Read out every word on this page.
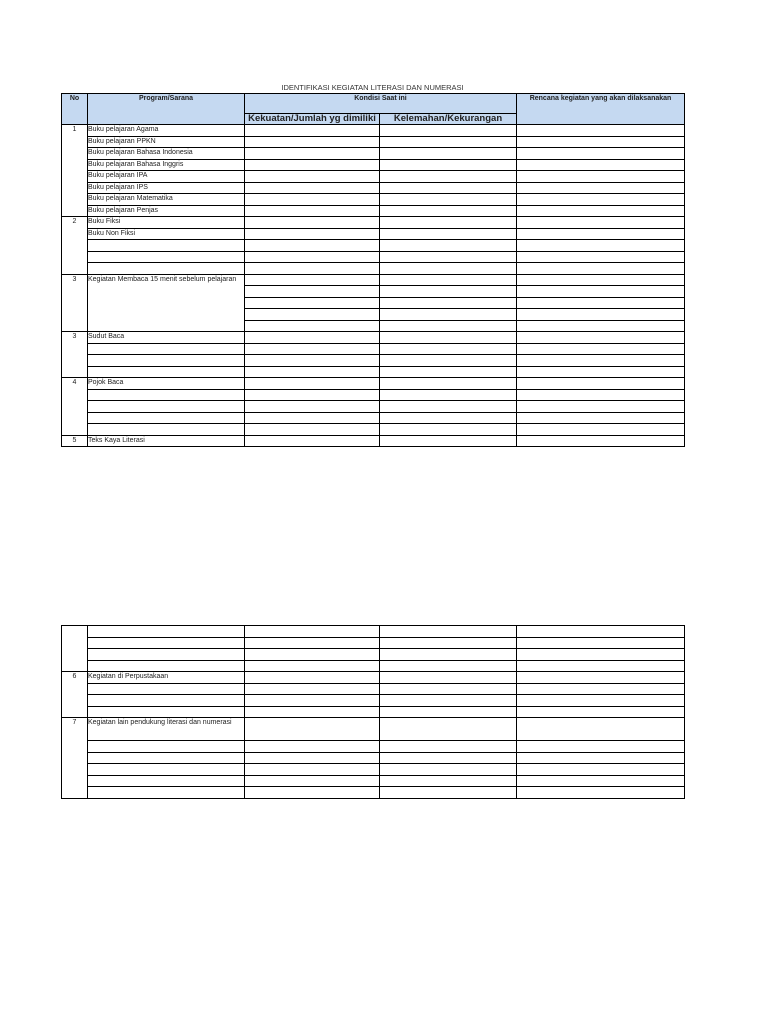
IDENTIFIKASI KEGIATAN LITERASI DAN NUMERASI
No	Program/Sarana	Kondisi Saat ini		Rencana kegiatan yang akan dilaksanakan
		Kekuatan/Jumlah yg dimiliki	Kelemahan/Kekurangan	
1	Buku pelajaran Agama			
	Buku pelajaran PPKN			
	Buku pelajaran Bahasa Indonesia			
	Buku pelajaran Bahasa Inggris			
	Buku pelajaran IPA			
	Buku pelajaran IPS			
	Buku pelajaran Matematika			
	Buku pelajaran Penjas			
2	Buku Fiksi			
	Buku Non Fiksi			

3	Kegiatan Membaca 15 menit sebelum pelajaran			

3	Sudut Baca			

4	Pojok Baca			

5	Teks Kaya Literasi			

6	Kegiatan di Perpustakaan			

7	Kegiatan lain pendukung literasi dan numerasi			
